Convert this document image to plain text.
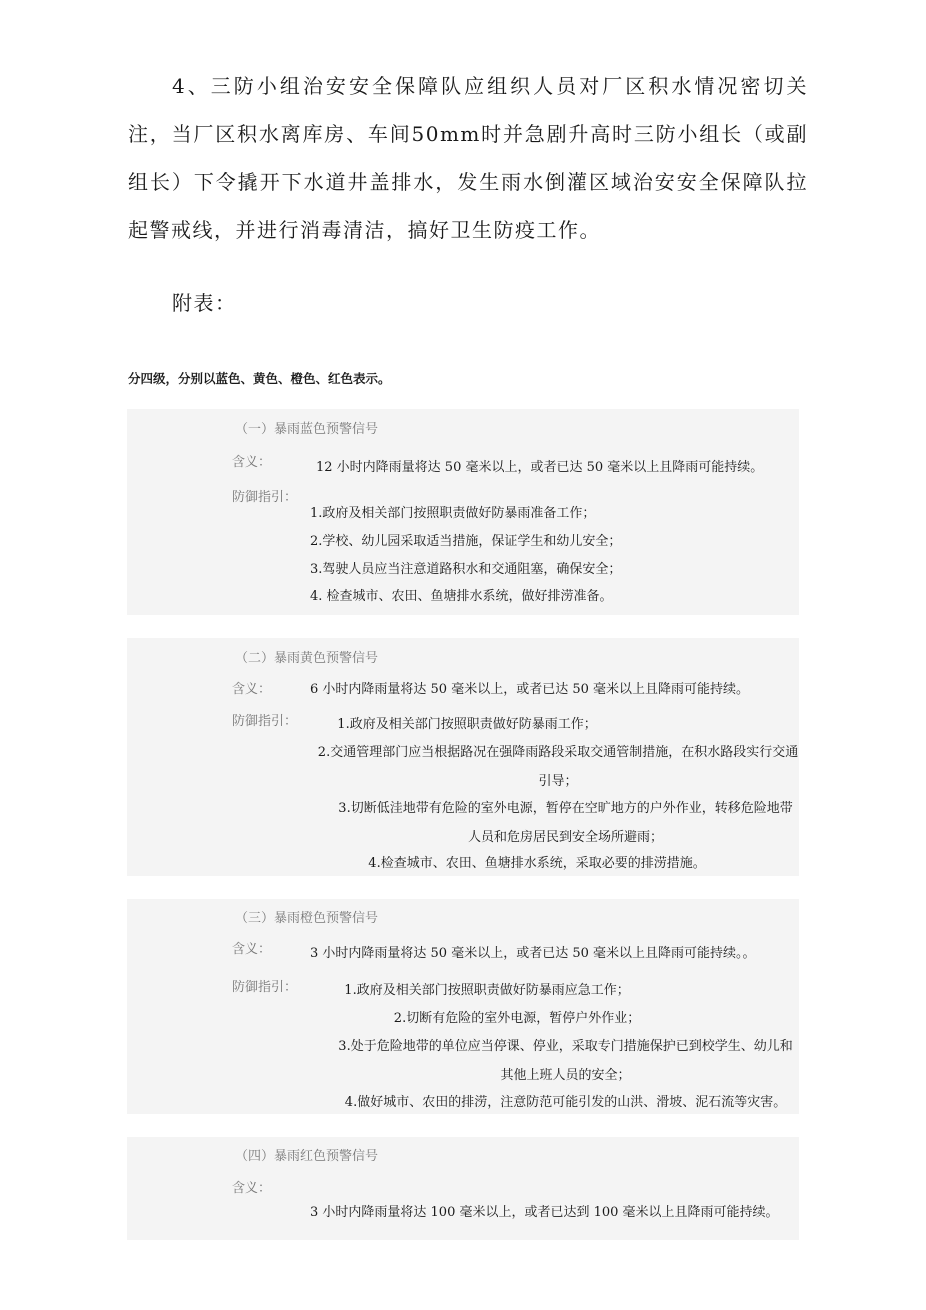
4、三防小组治安安全保障队应组织人员对厂区积水情况密切关注，当厂区积水离库房、车间50mm时并急剧升高时三防小组长（或副组长）下令撬开下水道井盖排水，发生雨水倒灌区域治安安全保障队拉起警戒线，并进行消毒清洁，搞好卫生防疫工作。

附表：

分四级，分别以蓝色、黄色、橙色、红色表示。

（一）暴雨蓝色预警信号
含义：	12 小时内降雨量将达 50 毫米以上，或者已达 50 毫米以上且降雨可能持续。
防御指引：
1.政府及相关部门按照职责做好防暴雨准备工作；
2.学校、幼儿园采取适当措施，保证学生和幼儿安全；
3.驾驶人员应当注意道路积水和交通阻塞，确保安全；
4. 检查城市、农田、鱼塘排水系统，做好排涝准备。
（二）暴雨黄色预警信号
含义：	6 小时内降雨量将达 50 毫米以上，或者已达 50 毫米以上且降雨可能持续。
防御指引：	1.政府及相关部门按照职责做好防暴雨工作；
2.交通管理部门应当根据路况在强降雨路段采取交通管制措施，在积水路段实行交通引导；
3.切断低洼地带有危险的室外电源，暂停在空旷地方的户外作业，转移危险地带人员和危房居民到安全场所避雨；
4.检查城市、农田、鱼塘排水系统，采取必要的排涝措施。
（三）暴雨橙色预警信号
含义：	3 小时内降雨量将达 50 毫米以上，或者已达 50 毫米以上且降雨可能持续。。
防御指引：	1.政府及相关部门按照职责做好防暴雨应急工作；
2.切断有危险的室外电源，暂停户外作业；
3.处于危险地带的单位应当停课、停业，采取专门措施保护已到校学生、幼儿和其他上班人员的安全；
4.做好城市、农田的排涝，注意防范可能引发的山洪、滑坡、泥石流等灾害。
（四）暴雨红色预警信号
含义：
3 小时内降雨量将达 100 毫米以上，或者已达到 100 毫米以上且降雨可能持续。
